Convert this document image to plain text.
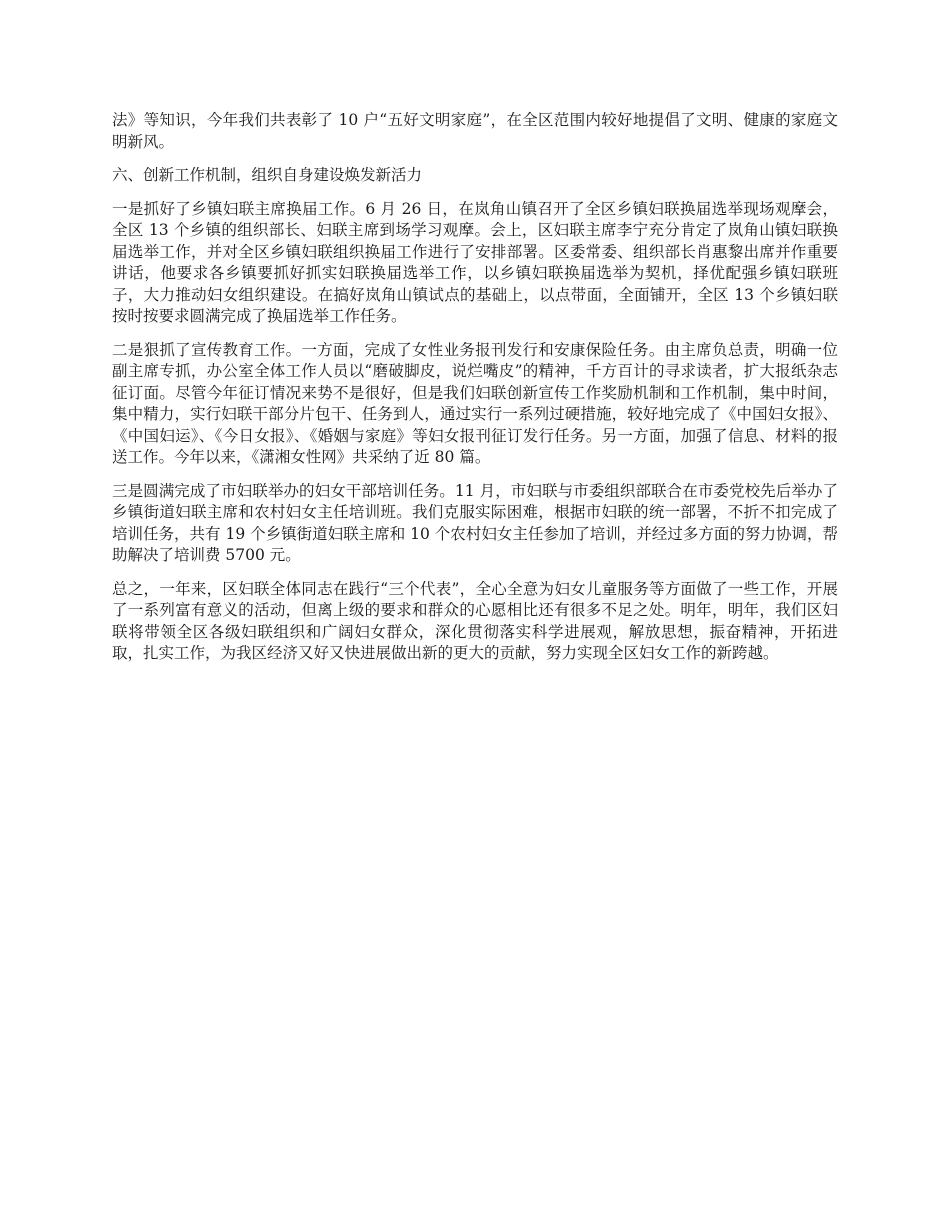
法》等知识，今年我们共表彰了 10 户“五好文明家庭”，在全区范围内较好地提倡了文明、健康的家庭文明新风。

六、创新工作机制，组织自身建设焕发新活力

一是抓好了乡镇妇联主席换届工作。6 月 26 日，在岚角山镇召开了全区乡镇妇联换届选举现场观摩会，全区 13 个乡镇的组织部长、妇联主席到场学习观摩。会上，区妇联主席李宁充分肯定了岚角山镇妇联换届选举工作，并对全区乡镇妇联组织换届工作进行了安排部署。区委常委、组织部长肖惠黎出席并作重要讲话，他要求各乡镇要抓好抓实妇联换届选举工作，以乡镇妇联换届选举为契机，择优配强乡镇妇联班子，大力推动妇女组织建设。在搞好岚角山镇试点的基础上，以点带面，全面铺开，全区 13 个乡镇妇联按时按要求圆满完成了换届选举工作任务。

二是狠抓了宣传教育工作。一方面，完成了女性业务报刊发行和安康保险任务。由主席负总责，明确一位副主席专抓，办公室全体工作人员以“磨破脚皮，说烂嘴皮”的精神，千方百计的寻求读者，扩大报纸杂志征订面。尽管今年征订情况来势不是很好，但是我们妇联创新宣传工作奖励机制和工作机制，集中时间，集中精力，实行妇联干部分片包干、任务到人，通过实行一系列过硬措施，较好地完成了《中国妇女报》、《中国妇运》、《今日女报》、《婚姻与家庭》等妇女报刊征订发行任务。另一方面，加强了信息、材料的报送工作。今年以来，《潇湘女性网》共采纳了近 80 篇。

三是圆满完成了市妇联举办的妇女干部培训任务。11 月，市妇联与市委组织部联合在市委党校先后举办了乡镇街道妇联主席和农村妇女主任培训班。我们克服实际困难，根据市妇联的统一部署，不折不扣完成了培训任务，共有 19 个乡镇街道妇联主席和 10 个农村妇女主任参加了培训，并经过多方面的努力协调，帮助解决了培训费 5700 元。

总之，一年来，区妇联全体同志在践行“三个代表”，全心全意为妇女儿童服务等方面做了一些工作，开展了一系列富有意义的活动，但离上级的要求和群众的心愿相比还有很多不足之处。明年，明年，我们区妇联将带领全区各级妇联组织和广阔妇女群众，深化贯彻落实科学进展观，解放思想，振奋精神，开拓进取，扎实工作，为我区经济又好又快进展做出新的更大的贡献，努力实现全区妇女工作的新跨越。
